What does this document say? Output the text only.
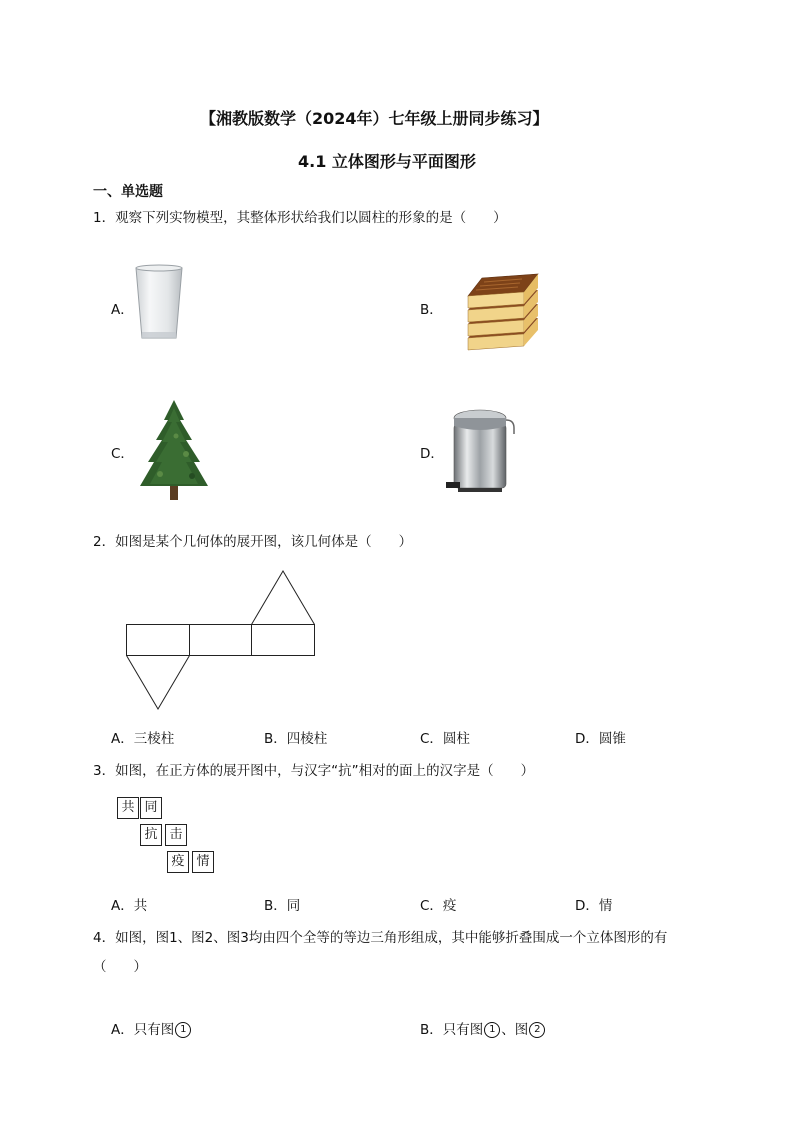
【湘教版数学（2024年）七年级上册同步练习】
4.1 立体图形与平面图形
一、单选题
1．观察下列实物模型，其整体形状给我们以圆柱的形象的是（　　）
A．	B．
C．	D．
2．如图是某个几何体的展开图，该几何体是（　　）
A．三棱柱	B．四棱柱	C．圆柱	D．圆锥
3．如图，在正方体的展开图中，与汉字“抗”相对的面上的汉字是（　　）
共 同
抗 击
疫 情
A．共	B．同	C．疫	D．情
4．如图，图1、图2、图3均由四个全等的等边三角形组成，其中能够折叠围成一个立体图形的有
（　　）
A．只有图 1	B．只有图 1 、图 2
